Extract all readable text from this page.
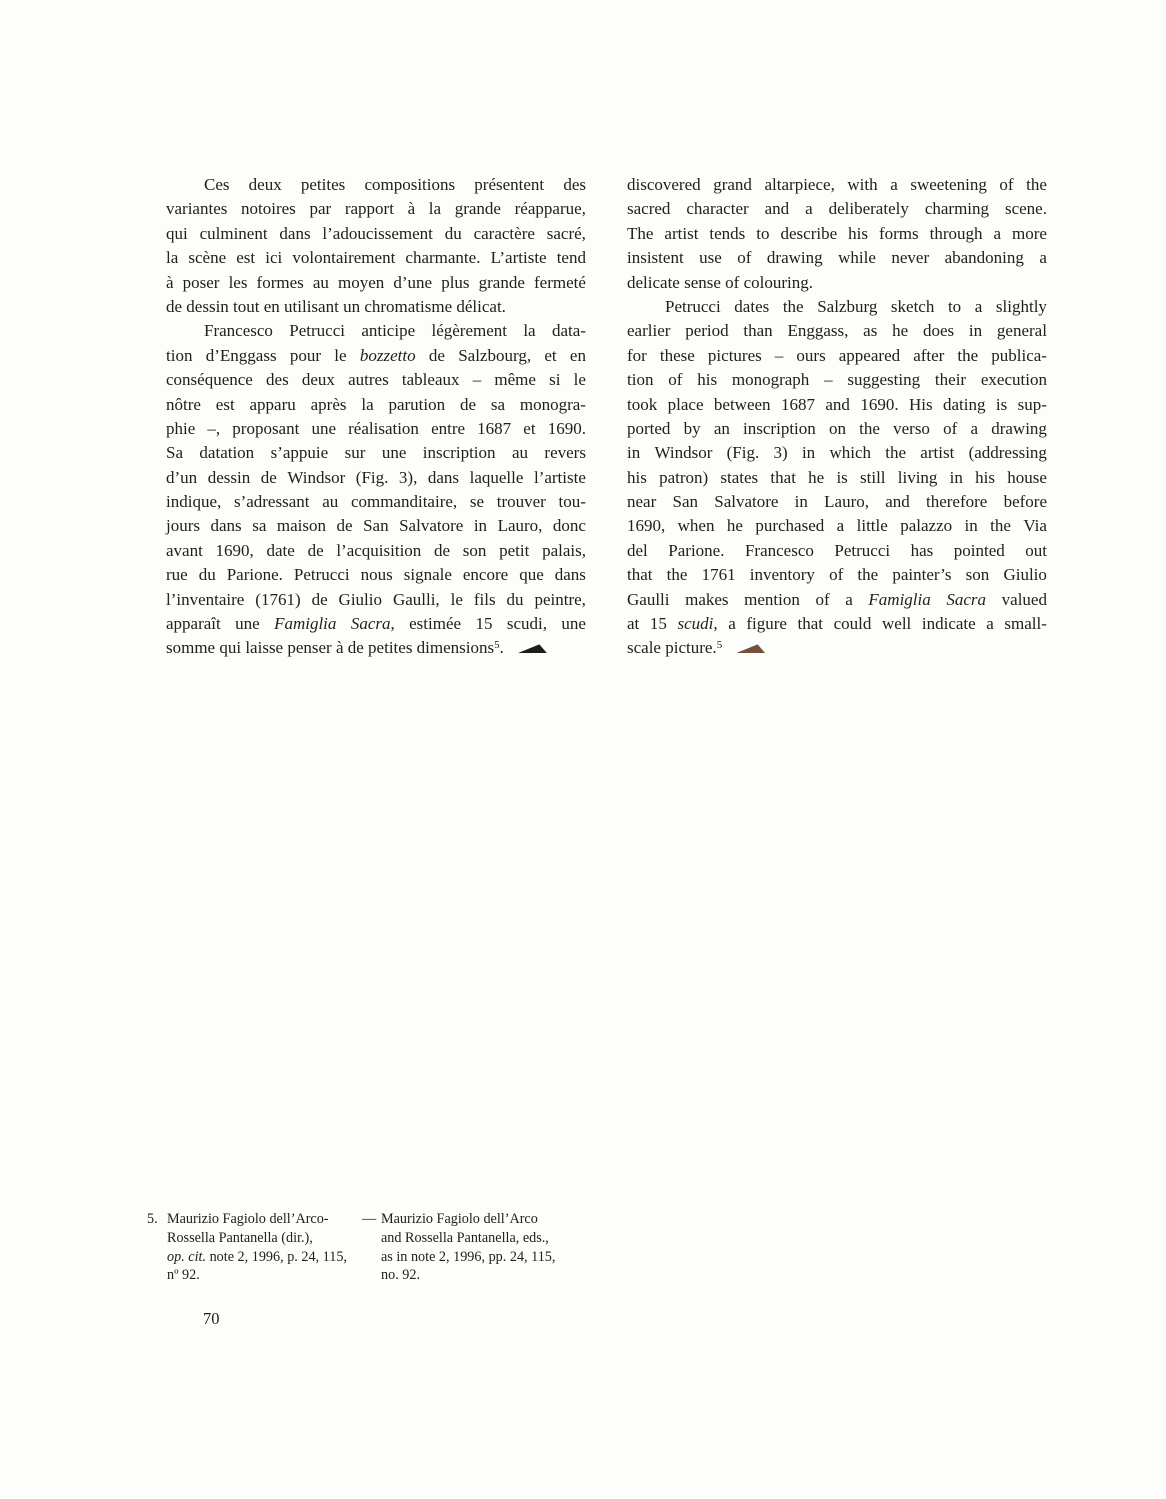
Ces deux petites compositions présentent des
variantes notoires par rapport à la grande réapparue,
qui culminent dans l’adoucissement du caractère sacré,
la scène est ici volontairement charmante. L’artiste tend
à poser les formes au moyen d’une plus grande fermeté
de dessin tout en utilisant un chromatisme délicat.
Francesco Petrucci anticipe légèrement la data-
tion d’Enggass pour le bozzetto de Salzbourg, et en
conséquence des deux autres tableaux – même si le
nôtre est apparu après la parution de sa monogra-
phie –, proposant une réalisation entre 1687 et 1690.
Sa datation s’appuie sur une inscription au revers
d’un dessin de Windsor (Fig. 3), dans laquelle l’artiste
indique, s’adressant au commanditaire, se trouver tou-
jours dans sa maison de San Salvatore in Lauro, donc
avant 1690, date de l’acquisition de son petit palais,
rue du Parione. Petrucci nous signale encore que dans
l’inventaire (1761) de Giulio Gaulli, le fils du peintre,
apparaît une Famiglia Sacra, estimée 15 scudi, une
somme qui laisse penser à de petites dimensions$^5$.
discovered grand altarpiece, with a sweetening of the
sacred character and a deliberately charming scene.
The artist tends to describe his forms through a more
insistent use of drawing while never abandoning a
delicate sense of colouring.
Petrucci dates the Salzburg sketch to a slightly
earlier period than Enggass, as he does in general
for these pictures – ours appeared after the publica-
tion of his monograph – suggesting their execution
took place between 1687 and 1690. His dating is sup-
ported by an inscription on the verso of a drawing
in Windsor (Fig. 3) in which the artist (addressing
his patron) states that he is still living in his house
near San Salvatore in Lauro, and therefore before
1690, when he purchased a little palazzo in the Via
del Parione. Francesco Petrucci has pointed out
that the 1761 inventory of the painter’s son Giulio
Gaulli makes mention of a Famiglia Sacra valued
at 15 scudi, a figure that could well indicate a small-
scale picture.$^5$
5. Maurizio Fagiolo dell’Arco-
Rossella Pantanella (dir.),
op. cit. note 2, 1996, p. 24, 115,
nº 92.
— Maurizio Fagiolo dell’Arco
and Rossella Pantanella, eds.,
as in note 2, 1996, pp. 24, 115,
no. 92.
70
